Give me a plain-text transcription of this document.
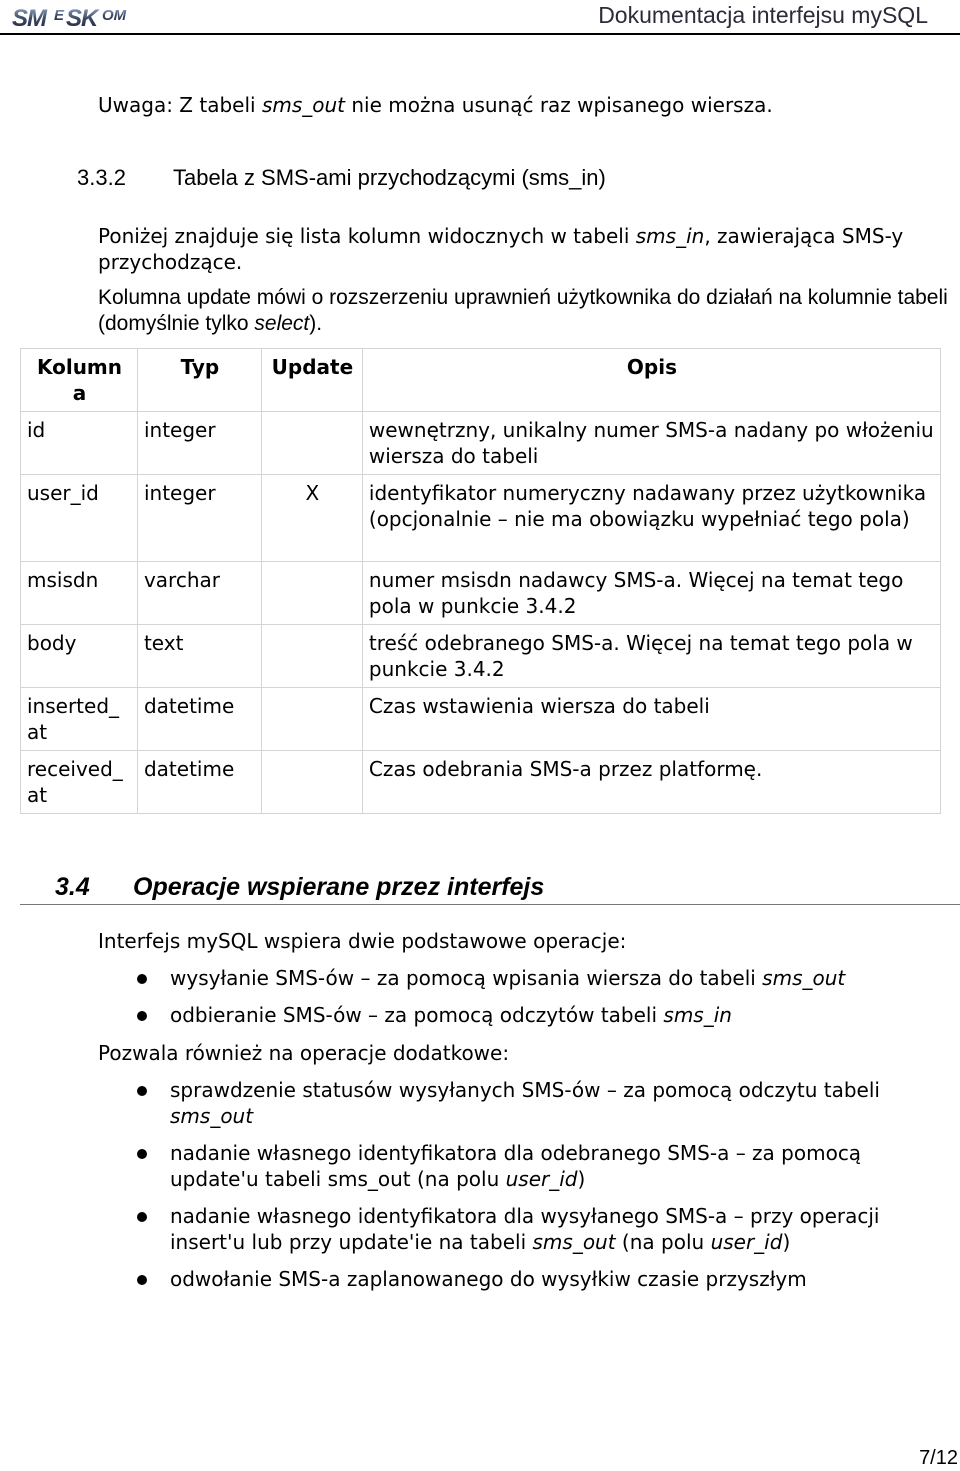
SM E SK OM	Dokumentacja interfejsu mySQL
Uwaga: Z tabeli sms_out nie można usunąć raz wpisanego wiersza.
3.3.2 Tabela z SMS-ami przychodzącymi (sms_in)
Poniżej znajduje się lista kolumn widocznych w tabeli sms_in, zawierająca SMS-y przychodzące.
Kolumna update mówi o rozszerzeniu uprawnień użytkownika do działań na kolumnie tabeli (domyślnie tylko select).
Kolumn
a	Typ	Update	Opis
id	integer		wewnętrzny, unikalny numer SMS-a nadany po włożeniu wiersza do tabeli
user_id	integer	X	identyfikator numeryczny nadawany przez użytkownika (opcjonalnie – nie ma obowiązku wypełniać tego pola)
msisdn	varchar		numer msisdn nadawcy SMS-a. Więcej na temat tego pola w punkcie 3.4.2
body	text		treść odebranego SMS-a. Więcej na temat tego pola w punkcie 3.4.2
inserted_
at	datetime		Czas wstawienia wiersza do tabeli
received_
at	datetime		Czas odebrania SMS-a przez platformę.
3.4 Operacje wspierane przez interfejs
Interfejs mySQL wspiera dwie podstawowe operacje:
wysyłanie SMS-ów – za pomocą wpisania wiersza do tabeli sms_out
odbieranie SMS-ów – za pomocą odczytów tabeli sms_in
Pozwala również na operacje dodatkowe:
sprawdzenie statusów wysyłanych SMS-ów – za pomocą odczytu tabeli sms_out
nadanie własnego identyfikatora dla odebranego SMS-a – za pomocą update'u tabeli sms_out (na polu user_id)
nadanie własnego identyfikatora dla wysyłanego SMS-a – przy operacji insert'u lub przy update'ie na tabeli sms_out (na polu user_id)
odwołanie SMS-a zaplanowanego do wysyłkiw czasie przyszłym
7/12
